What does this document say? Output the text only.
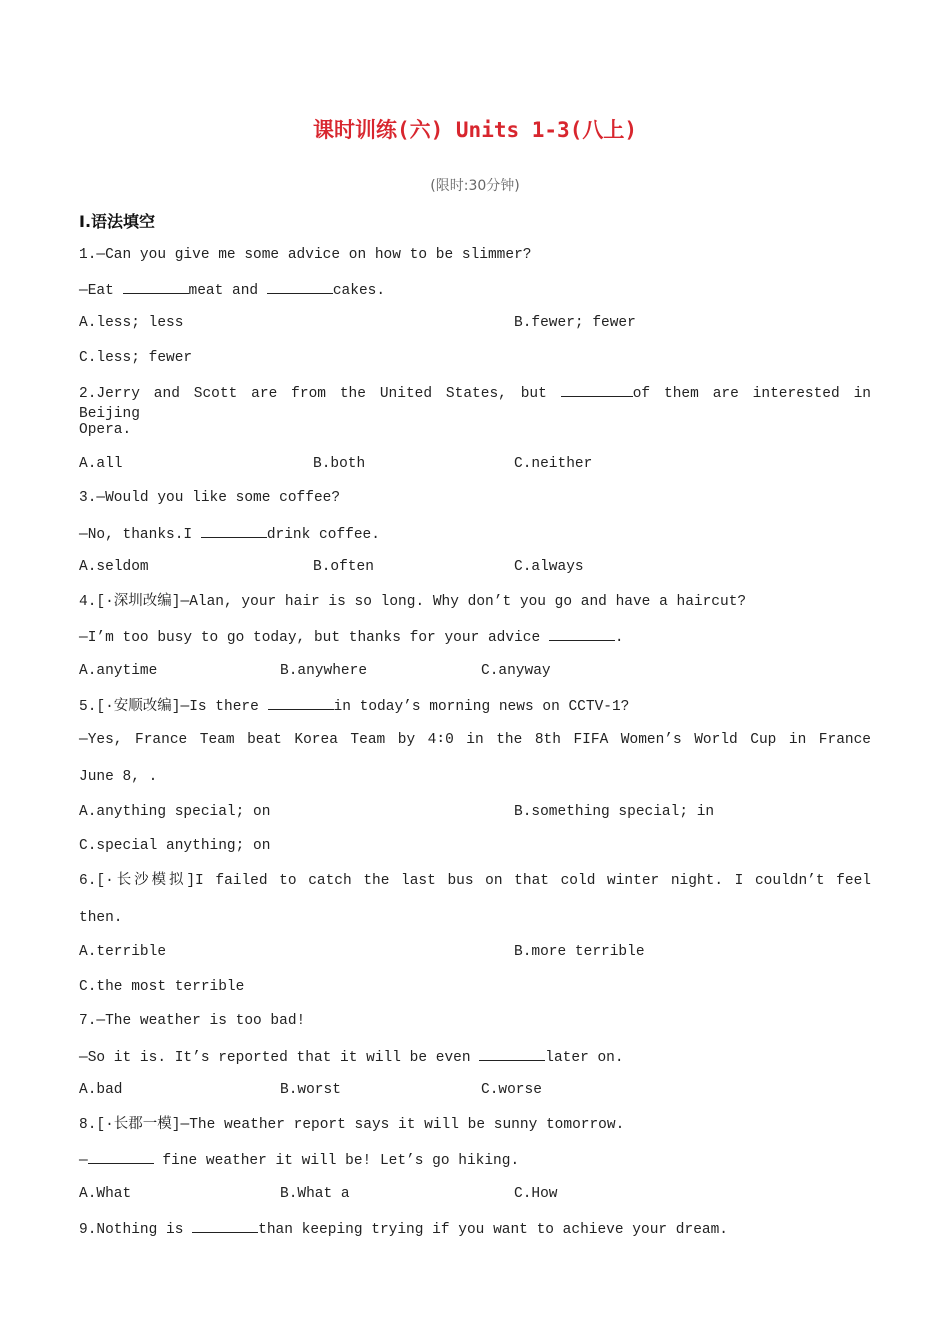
课时训练(六) Units 1-3(八上)
(限时:30分钟)
Ⅰ.语法填空
1.—Can you give me some advice on how to be slimmer?
—Eat	meat and	cakes.
A.less; less	B.fewer; fewer
C.less; fewer
2.Jerry and Scott are from the United States, but	of them are interested in Beijing
Opera.
A.all	B.both	C.neither
3.—Would you like some coffee?
—No, thanks.I	drink coffee.
A.seldom	B.often	C.always
4.[·深圳改编]—Alan, your hair is so long. Why don’t you go and have a haircut?
—I’m too busy to go today, but thanks for your advice	.
A.anytime	B.anywhere	C.anyway
5.[·安顺改编]—Is there	in today’s morning news on CCTV-1?
—Yes, France Team beat Korea Team by 4∶0 in the 8th FIFA Women’s World Cup in France
June 8, .
A.anything special; on	B.something special; in
C.special anything; on
6.[·长沙模拟]I failed to catch the last bus on that cold winter night. I couldn’t feel
then.
A.terrible	B.more terrible
C.the most terrible
7.—The weather is too bad!
—So it is. It’s reported that it will be even	later on.
A.bad	B.worst	C.worse
8.[·长郡一模]—The weather report says it will be sunny tomorrow.
—	fine weather it will be! Let’s go hiking.
A.What	B.What a	C.How
9.Nothing is	than keeping trying if you want to achieve your dream.
